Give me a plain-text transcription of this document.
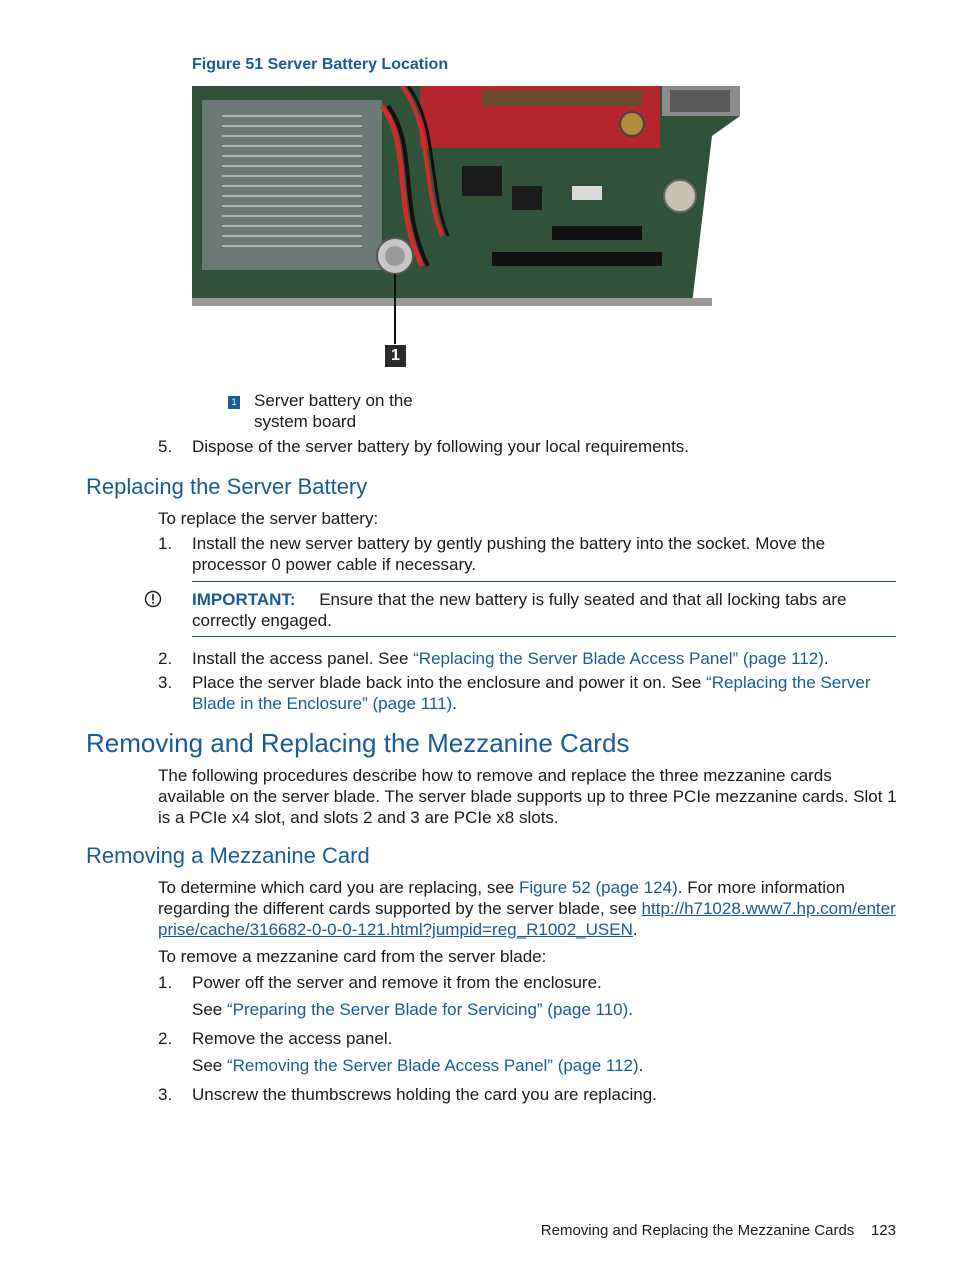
Figure 51 Server Battery Location
1
1 Server battery on the system board
5. Dispose of the server battery by following your local requirements.
Replacing the Server Battery
To replace the server battery:
1. Install the new server battery by gently pushing the battery into the socket. Move the processor 0 power cable if necessary.
IMPORTANT: Ensure that the new battery is fully seated and that all locking tabs are correctly engaged.
2. Install the access panel. See “Replacing the Server Blade Access Panel” (page 112).
3. Place the server blade back into the enclosure and power it on. See “Replacing the Server Blade in the Enclosure” (page 111).
Removing and Replacing the Mezzanine Cards
The following procedures describe how to remove and replace the three mezzanine cards available on the server blade. The server blade supports up to three PCIe mezzanine cards. Slot 1 is a PCIe x4 slot, and slots 2 and 3 are PCIe x8 slots.
Removing a Mezzanine Card
To determine which card you are replacing, see Figure 52 (page 124). For more information regarding the different cards supported by the server blade, see http://h71028.www7.hp.com/enterprise/cache/316682-0-0-0-121.html?jumpid=reg_R1002_USEN.
To remove a mezzanine card from the server blade:
1. Power off the server and remove it from the enclosure.
See “Preparing the Server Blade for Servicing” (page 110).
2. Remove the access panel.
See “Removing the Server Blade Access Panel” (page 112).
3. Unscrew the thumbscrews holding the card you are replacing.
Removing and Replacing the Mezzanine Cards 123
